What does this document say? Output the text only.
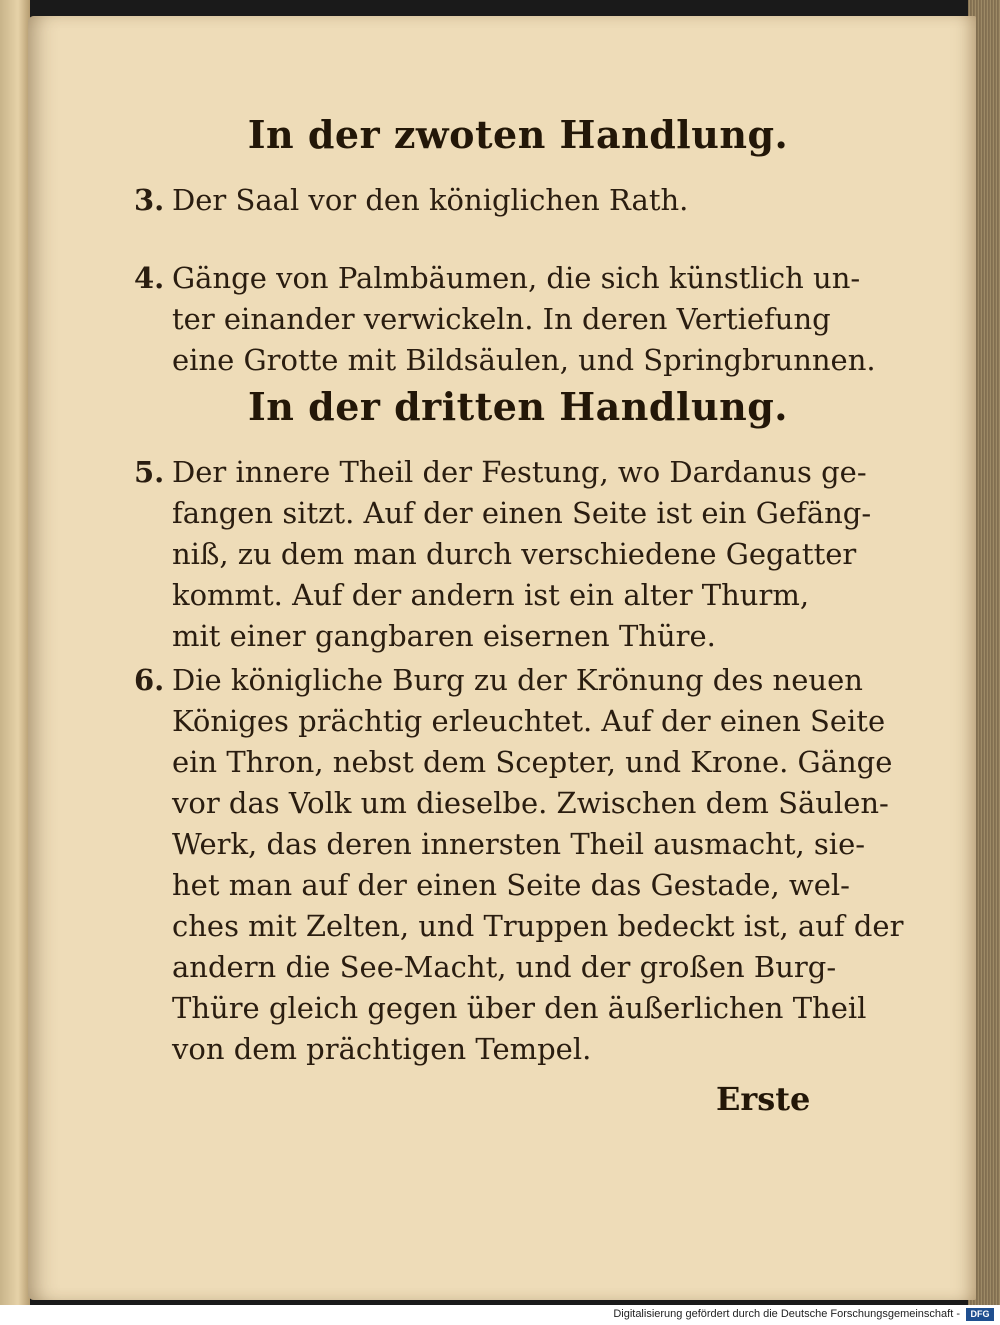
In der zwoten Handlung.
3. Der Saal vor den königlichen Rath.
4. Gänge von Palmbäumen, die sich künstlich un-
ter einander verwickeln. In deren Vertiefung
eine Grotte mit Bildsäulen, und Springbrunnen.
In der dritten Handlung.
5. Der innere Theil der Festung, wo Dardanus ge-
fangen sitzt. Auf der einen Seite ist ein Gefäng-
niß, zu dem man durch verschiedene Gegatter
kommt. Auf der andern ist ein alter Thurm,
mit einer gangbaren eisernen Thüre.
6. Die königliche Burg zu der Krönung des neuen
Königes prächtig erleuchtet. Auf der einen Seite
ein Thron, nebst dem Scepter, und Krone. Gänge
vor das Volk um dieselbe. Zwischen dem Säulen-
Werk, das deren innersten Theil ausmacht, sie-
het man auf der einen Seite das Gestade, wel-
ches mit Zelten, und Truppen bedeckt ist, auf der
andern die See-Macht, und der großen Burg-
Thüre gleich gegen über den äußerlichen Theil
von dem prächtigen Tempel.
Erste
Digitalisierung gefördert durch die Deutsche Forschungsgemeinschaft -	DFG
